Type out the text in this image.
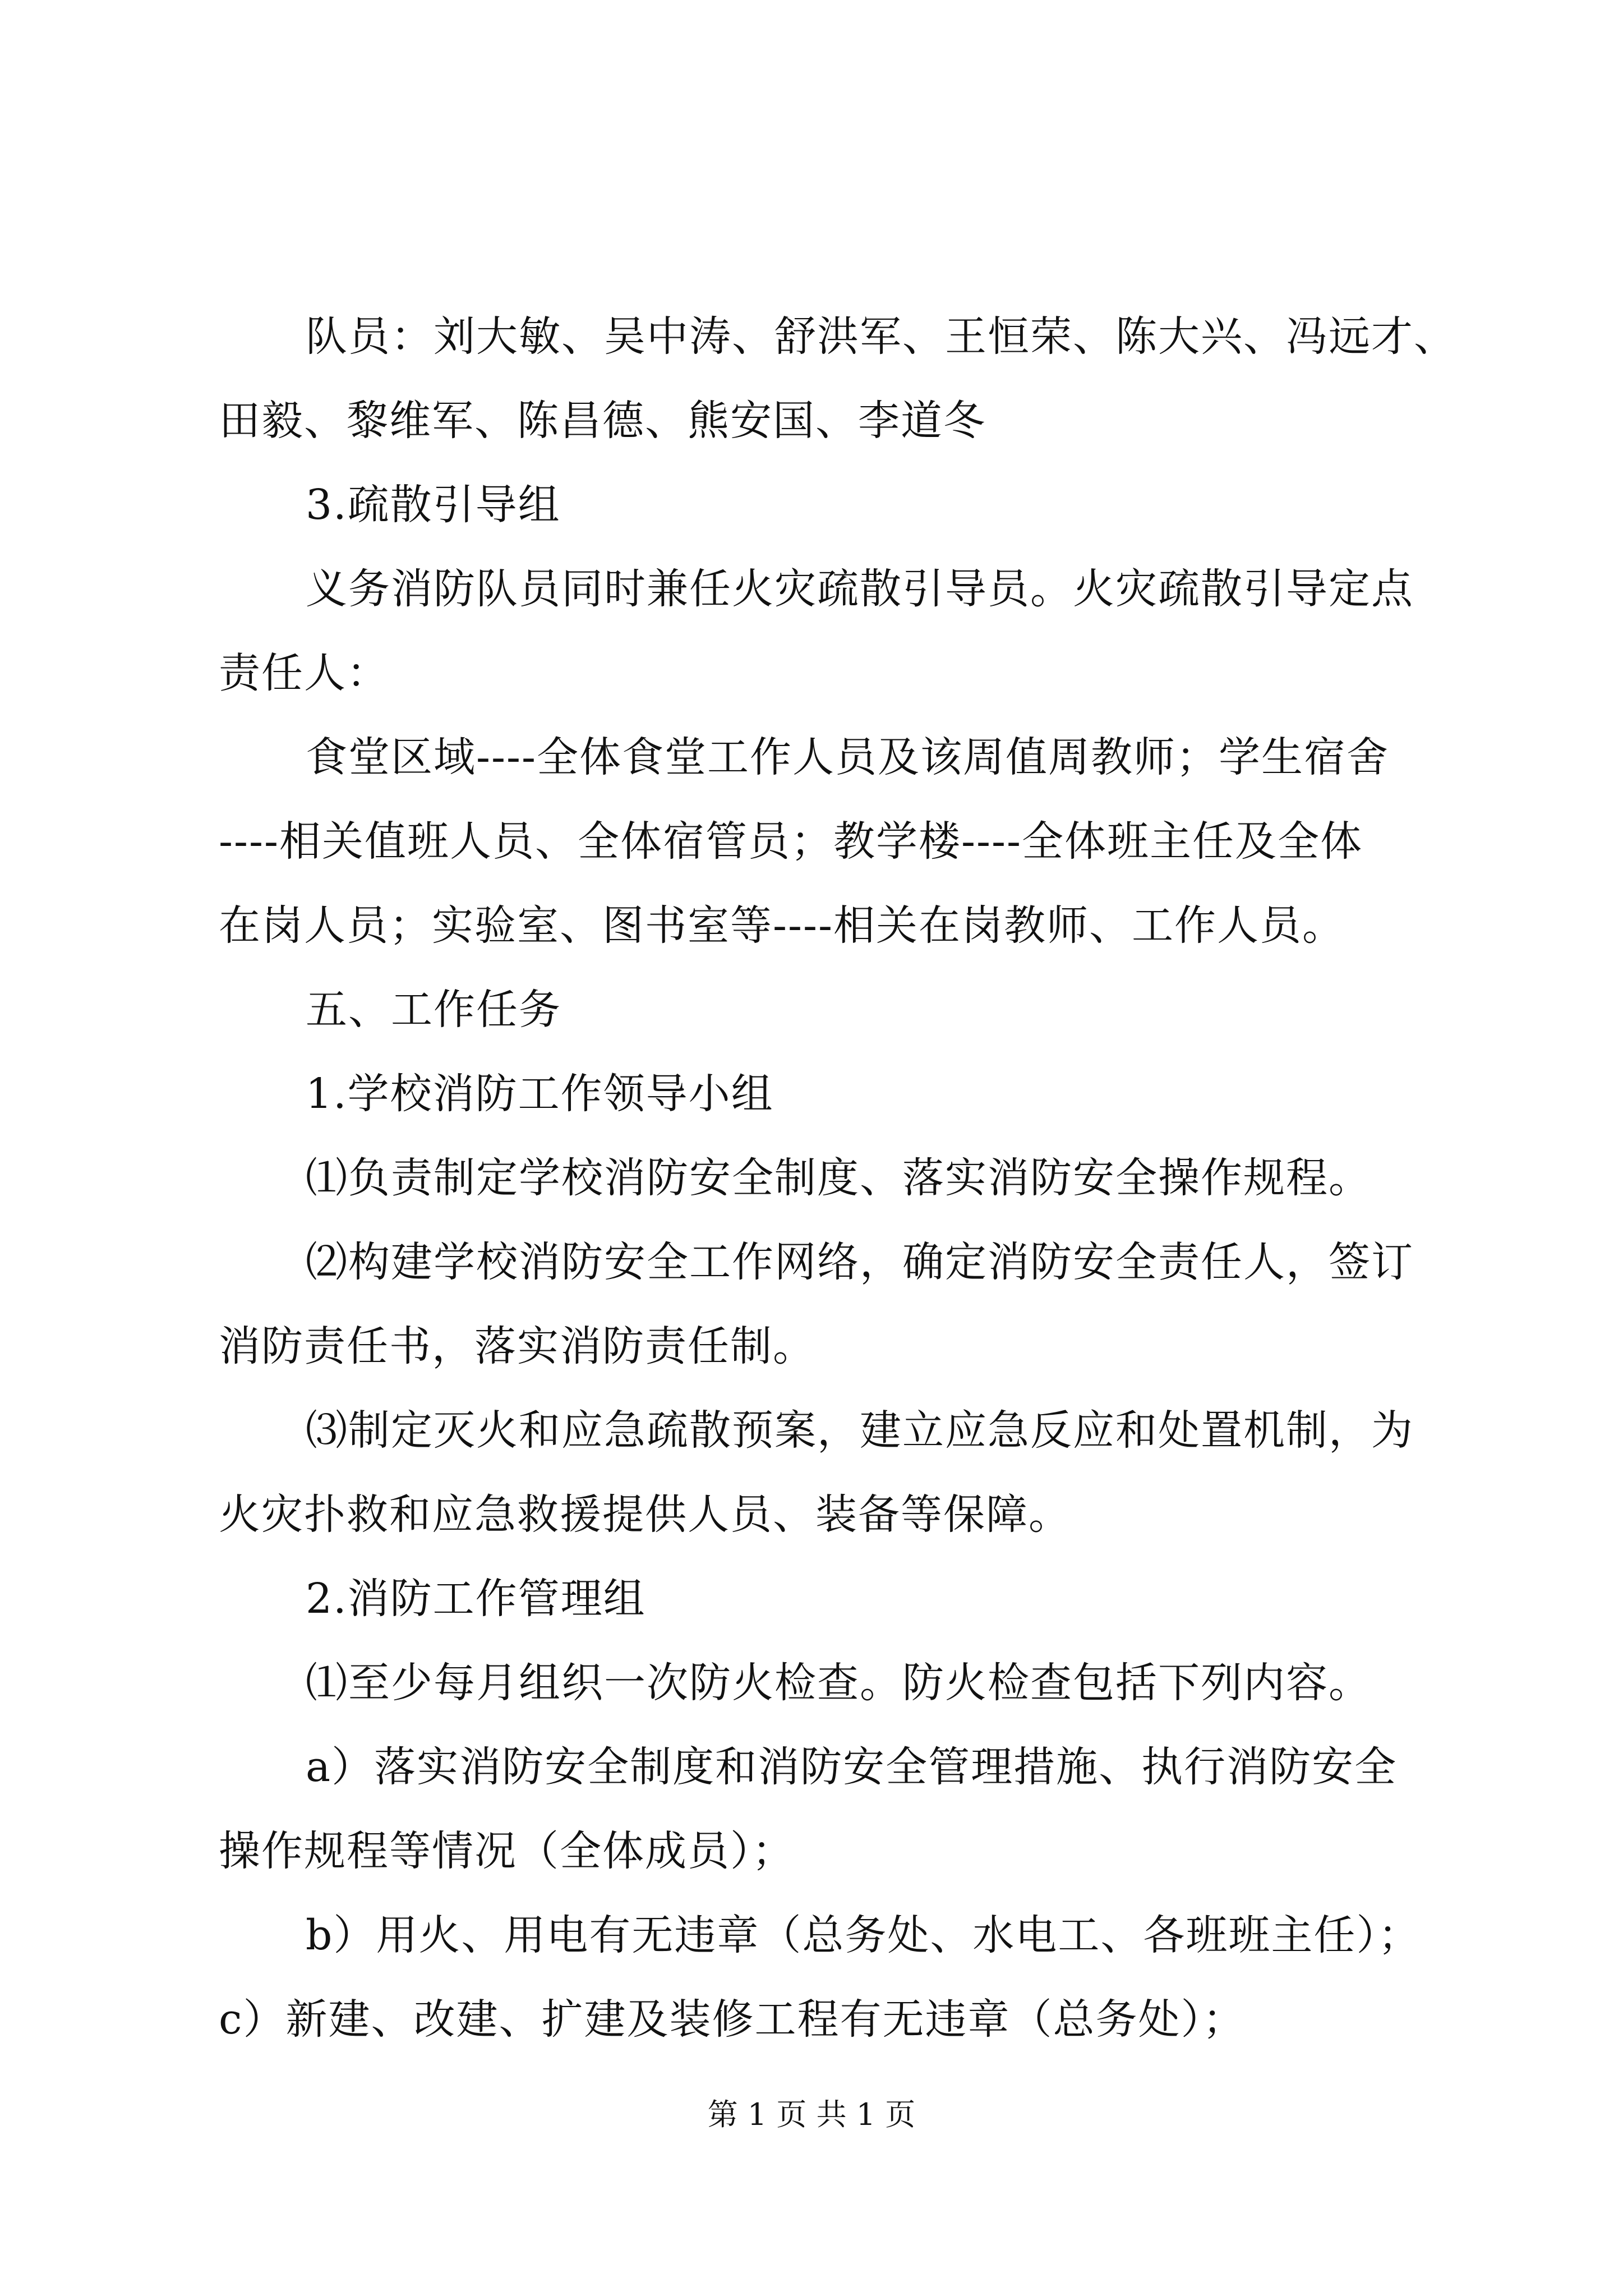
队员：刘大敏、吴中涛、舒洪军、王恒荣、陈大兴、冯远才、
田毅、黎维军、陈昌德、熊安国、李道冬
3.疏散引导组
义务消防队员同时兼任火灾疏散引导员。火灾疏散引导定点
责任人：
食堂区域----全体食堂工作人员及该周值周教师；学生宿舍
----相关值班人员、全体宿管员；教学楼----全体班主任及全体
在岗人员；实验室、图书室等----相关在岗教师、工作人员。
五、工作任务
1.学校消防工作领导小组
⑴负责制定学校消防安全制度、落实消防安全操作规程。
⑵构建学校消防安全工作网络，确定消防安全责任人，签订
消防责任书，落实消防责任制。
⑶制定灭火和应急疏散预案，建立应急反应和处置机制，为
火灾扑救和应急救援提供人员、装备等保障。
2.消防工作管理组
⑴至少每月组织一次防火检查。防火检查包括下列内容。
a）落实消防安全制度和消防安全管理措施、执行消防安全
操作规程等情况（全体成员）；
b）用火、用电有无违章（总务处、水电工、各班班主任）；
c）新建、改建、扩建及装修工程有无违章（总务处）；
第 1 页 共 1 页
